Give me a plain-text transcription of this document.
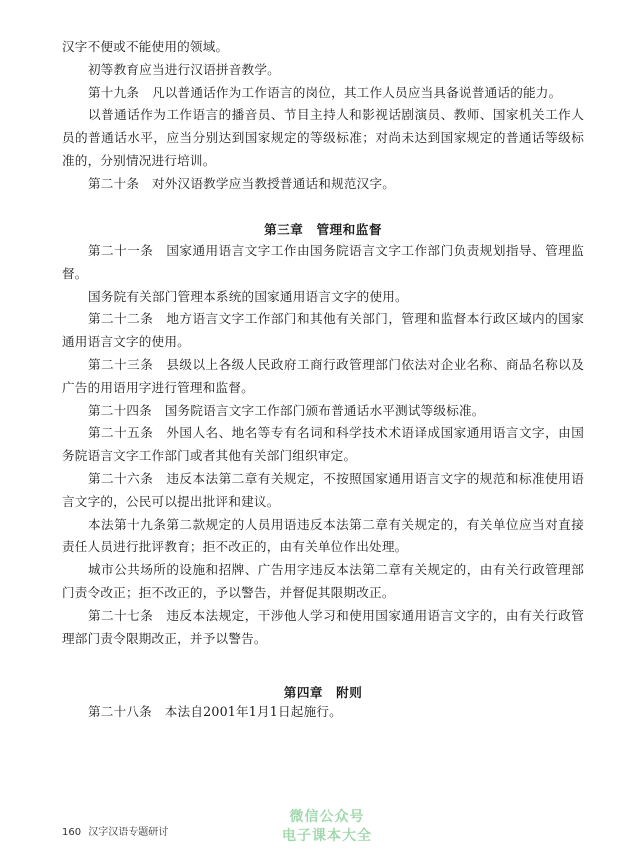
汉字不便或不能使用的领域。

初等教育应当进行汉语拼音教学。

第十九条　凡以普通话作为工作语言的岗位，其工作人员应当具备说普通话的能力。

以普通话作为工作语言的播音员、节目主持人和影视话剧演员、教师、国家机关工作人员的普通话水平，应当分别达到国家规定的等级标准；对尚未达到国家规定的普通话等级标准的，分别情况进行培训。

第二十条　对外汉语教学应当教授普通话和规范汉字。

第三章　管理和监督

第二十一条　国家通用语言文字工作由国务院语言文字工作部门负责规划指导、管理监督。

国务院有关部门管理本系统的国家通用语言文字的使用。

第二十二条　地方语言文字工作部门和其他有关部门，管理和监督本行政区域内的国家通用语言文字的使用。

第二十三条　县级以上各级人民政府工商行政管理部门依法对企业名称、商品名称以及广告的用语用字进行管理和监督。

第二十四条　国务院语言文字工作部门颁布普通话水平测试等级标准。

第二十五条　外国人名、地名等专有名词和科学技术术语译成国家通用语言文字，由国务院语言文字工作部门或者其他有关部门组织审定。

第二十六条　违反本法第二章有关规定，不按照国家通用语言文字的规范和标准使用语言文字的，公民可以提出批评和建议。

本法第十九条第二款规定的人员用语违反本法第二章有关规定的，有关单位应当对直接责任人员进行批评教育；拒不改正的，由有关单位作出处理。

城市公共场所的设施和招牌、广告用字违反本法第二章有关规定的，由有关行政管理部门责令改正；拒不改正的，予以警告，并督促其限期改正。

第二十七条　违反本法规定，干涉他人学习和使用国家通用语言文字的，由有关行政管理部门责令限期改正，并予以警告。

第四章　附则

第二十八条　本法自2001年1月1日起施行。

160 汉字汉语专题研讨
微信公众号
电子课本大全
